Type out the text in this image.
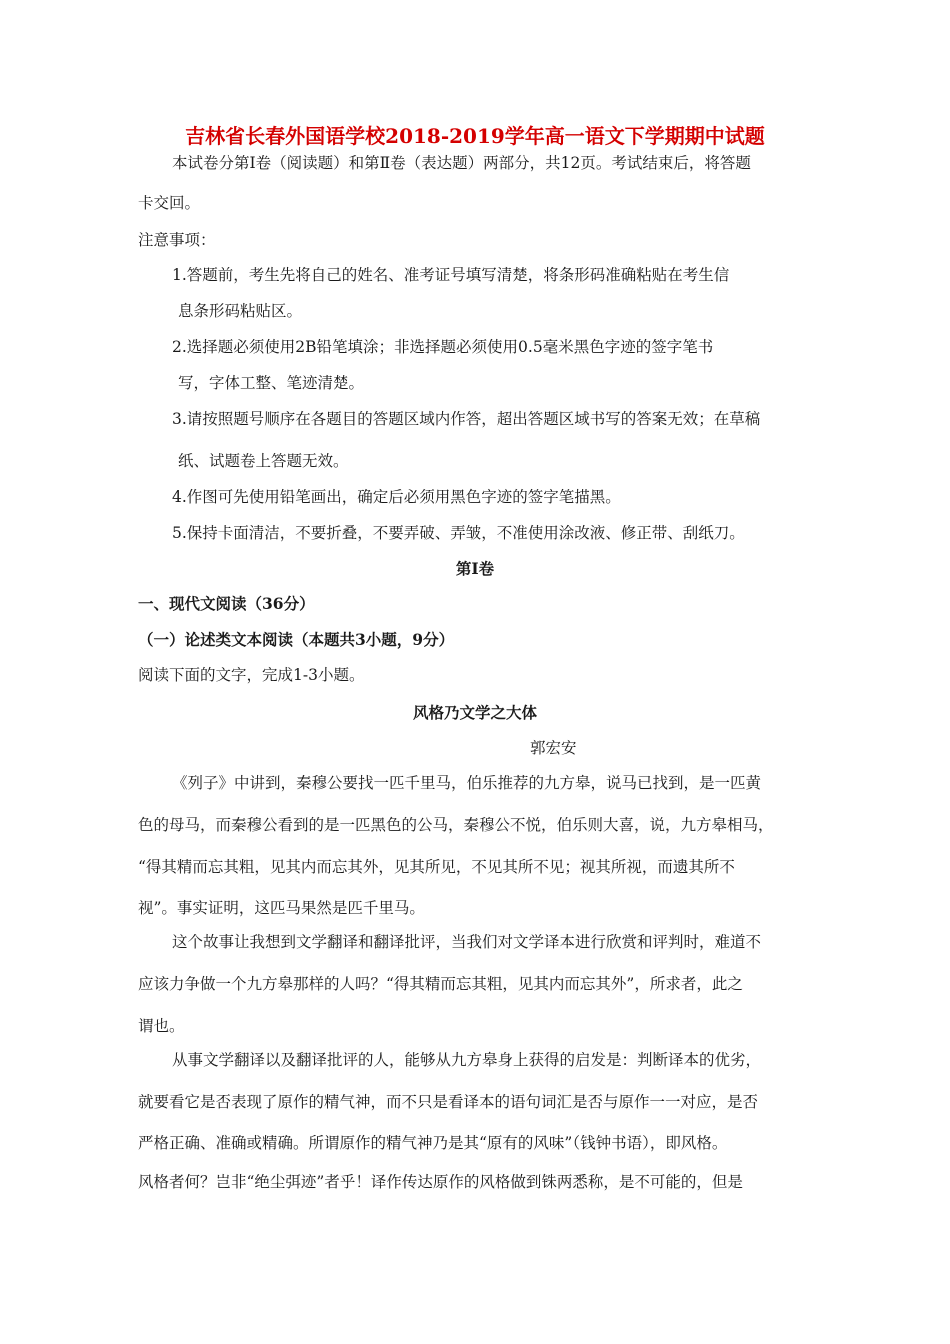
吉林省长春外国语学校2018-2019学年高一语文下学期期中试题
本试卷分第Ⅰ卷（阅读题）和第Ⅱ卷（表达题）两部分，共12页。考试结束后，将答题
卡交回。
注意事项：
1.答题前，考生先将自己的姓名、准考证号填写清楚，将条形码准确粘贴在考生信
息条形码粘贴区。
2.选择题必须使用2B铅笔填涂；非选择题必须使用0.5毫米黑色字迹的签字笔书
写，字体工整、笔迹清楚。
3.请按照题号顺序在各题目的答题区域内作答，超出答题区域书写的答案无效；在草稿
纸、试题卷上答题无效。
4.作图可先使用铅笔画出，确定后必须用黑色字迹的签字笔描黑。
5.保持卡面清洁，不要折叠，不要弄破、弄皱，不准使用涂改液、修正带、刮纸刀。
第Ⅰ卷
一、现代文阅读（36分）
（一）论述类文本阅读（本题共3小题，9分）
阅读下面的文字，完成1-3小题。
风格乃文学之大体
郭宏安
《列子》中讲到，秦穆公要找一匹千里马，伯乐推荐的九方皋，说马已找到，是一匹黄
色的母马，而秦穆公看到的是一匹黑色的公马，秦穆公不悦，伯乐则大喜，说，九方皋相马，
“得其精而忘其粗，见其内而忘其外，见其所见，不见其所不见；视其所视，而遗其所不
视”。事实证明，这匹马果然是匹千里马。
这个故事让我想到文学翻译和翻译批评，当我们对文学译本进行欣赏和评判时，难道不
应该力争做一个九方皋那样的人吗？“得其精而忘其粗，见其内而忘其外”，所求者，此之
谓也。
从事文学翻译以及翻译批评的人，能够从九方皋身上获得的启发是：判断译本的优劣，
就要看它是否表现了原作的精气神，而不只是看译本的语句词汇是否与原作一一对应，是否
严格正确、准确或精确。所谓原作的精气神乃是其“原有的风味”（钱钟书语），即风格。
风格者何？岂非“绝尘弭迹”者乎！译作传达原作的风格做到铢两悉称，是不可能的，但是
